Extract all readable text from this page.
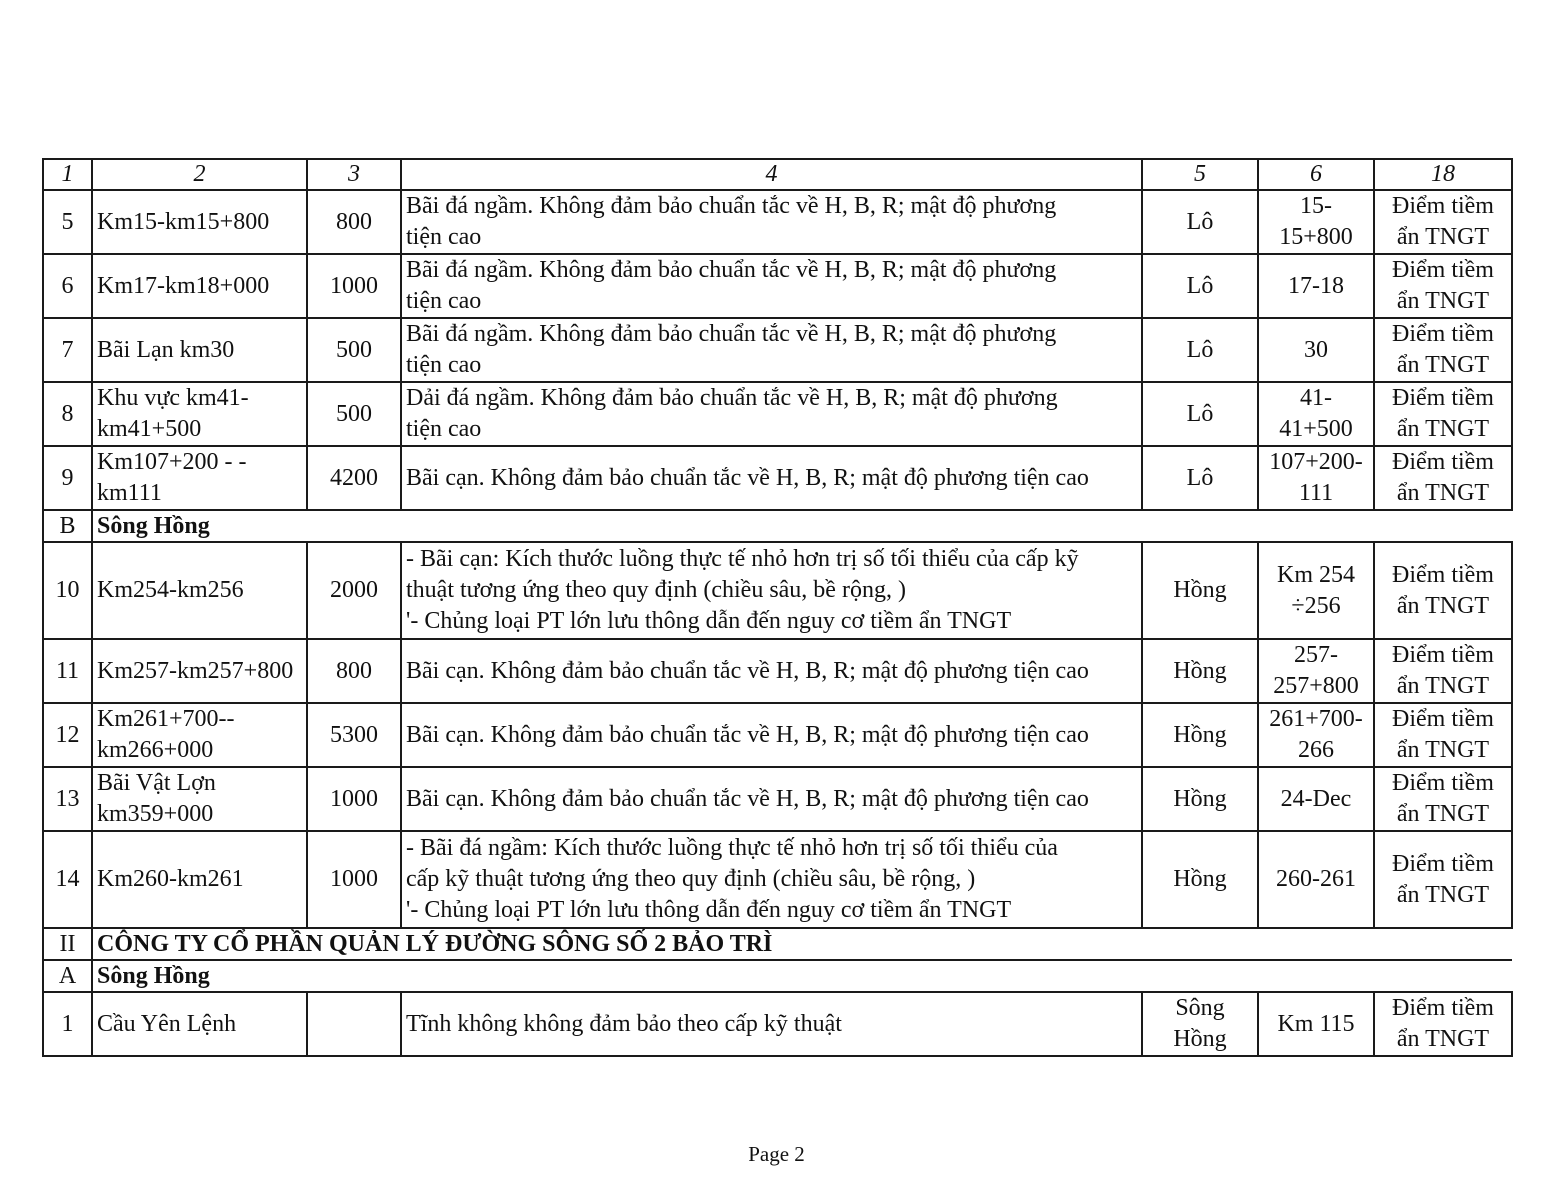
1	2	3	4	5	6	18
5	Km15-km15+800	800	Bãi đá ngầm. Không đảm bảo chuẩn tắc về H, B, R; mật độ phương
tiện cao	Lô	15-
15+800	Điểm tiềm
ẩn TNGT

6	Km17-km18+000	1000	Bãi đá ngầm. Không đảm bảo chuẩn tắc về H, B, R; mật độ phương
tiện cao	Lô	17-18	Điểm tiềm
ẩn TNGT

7	Bãi Lạn km30	500	Bãi đá ngầm. Không đảm bảo chuẩn tắc về H, B, R; mật độ phương
tiện cao	Lô	30	Điểm tiềm
ẩn TNGT

8	Khu vực km41-
km41+500	500	Dải đá ngầm. Không đảm bảo chuẩn tắc về H, B, R; mật độ phương
tiện cao	Lô	41-
41+500	Điểm tiềm
ẩn TNGT

9	Km107+200 - -
km111	4200	Bãi cạn. Không đảm bảo chuẩn tắc về H, B, R; mật độ phương tiện cao	Lô	107+200-
111	Điểm tiềm
ẩn TNGT

B	Sông Hồng					
10	Km254-km256	2000	- Bãi cạn: Kích thước luồng thực tế nhỏ hơn trị số tối thiểu của cấp kỹ
thuật tương ứng theo quy định (chiều sâu, bề rộng, )
'- Chủng loại PT lớn lưu thông dẫn đến nguy cơ tiềm ẩn TNGT	Hồng	Km 254
÷256	Điểm tiềm
ẩn TNGT

11	Km257-km257+800	800	Bãi cạn. Không đảm bảo chuẩn tắc về H, B, R; mật độ phương tiện cao	Hồng	257-
257+800	Điểm tiềm
ẩn TNGT

12	Km261+700--
km266+000	5300	Bãi cạn. Không đảm bảo chuẩn tắc về H, B, R; mật độ phương tiện cao	Hồng	261+700-
266	Điểm tiềm
ẩn TNGT

13	Bãi Vật Lợn
km359+000	1000	Bãi cạn. Không đảm bảo chuẩn tắc về H, B, R; mật độ phương tiện cao	Hồng	24-Dec	Điểm tiềm
ẩn TNGT

14	Km260-km261	1000	- Bãi đá ngầm: Kích thước luồng thực tế nhỏ hơn trị số tối thiểu của
cấp kỹ thuật tương ứng theo quy định (chiều sâu, bề rộng, )
'- Chủng loại PT lớn lưu thông dẫn đến nguy cơ tiềm ẩn TNGT	Hồng	260-261	Điểm tiềm
ẩn TNGT

II	CÔNG TY CỔ PHẦN QUẢN LÝ ĐƯỜNG SÔNG SỐ 2 BẢO TRÌ					
A	Sông Hồng					
1	Cầu Yên Lệnh		Tĩnh không không đảm bảo theo cấp kỹ thuật	Sông
Hồng	Km 115	Điểm tiềm
ẩn TNGT
Page 2
